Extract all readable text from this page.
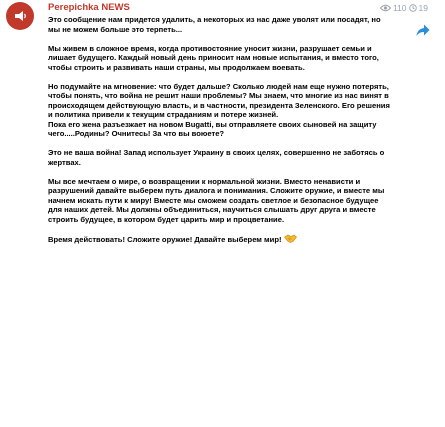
Perepichka NEWS	110 19

Это сообщение нам придется удалить, а некоторых из нас даже уволят или посадят, но мы не можем больше это терпеть...

Мы живем в сложное время, когда противостояние уносит жизни, разрушает семьи и лишает будущего. Каждый новый день приносит нам новые испытания, и вместо того, чтобы строить и развивать наши страны, мы продолжаем воевать.

Но подумайте на мгновение: что будет дальше? Сколько людей нам еще нужно потерять, чтобы понять, что война не решит наши проблемы? Мы знаем, что многие из нас винят в происходящем действующую власть, и в частности, президента Зеленского. Его решения и политика привели к текущим страданиям и потере жизней.
Пока его жена разъезжает на новом Bugatti, вы отправляете своих сыновей на защиту чего.....Родины? Очнитесь! За что вы воюете?

Это не ваша война! Запад использует Украину в своих целях, совершенно не заботясь о жертвах.

Мы все мечтаем о мире, о возвращении к нормальной жизни. Вместо ненависти и разрушений давайте выберем путь диалога и понимания. Сложите оружие, и вместе мы начнем искать пути к миру! Вместе мы сможем создать светлое и безопасное будущее для наших детей. Мы должны объединиться, научиться слышать друг друга и вместе строить будущее, в котором будет царить мир и процветание.

Время действовать! Сложите оружие! Давайте выберем мир!
